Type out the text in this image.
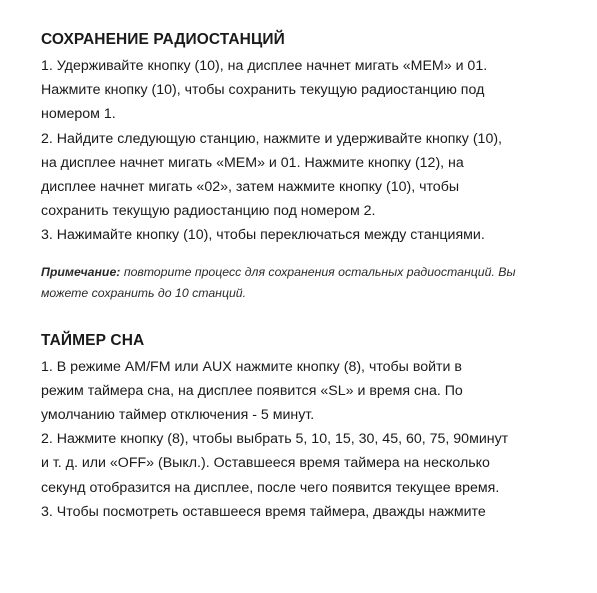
СОХРАНЕНИЕ РАДИОСТАНЦИЙ

1. Удерживайте кнопку (10), на дисплее начнет мигать «MEM» и 01.
Нажмите кнопку (10), чтобы сохранить текущую радиостанцию под
номером 1.
2. Найдите следующую станцию, нажмите и удерживайте кнопку (10),
на дисплее начнет мигать «MEM» и 01. Нажмите кнопку (12), на
дисплее начнет мигать «02», затем нажмите кнопку (10), чтобы
сохранить текущую радиостанцию под номером 2.
3. Нажимайте кнопку (10), чтобы переключаться между станциями.

Примечание: повторите процесс для сохранения остальных радиостанций. Вы
можете сохранить до 10 станций.

ТАЙМЕР СНА

1. В режиме AM/FM или AUX нажмите кнопку (8), чтобы войти в
режим таймера сна, на дисплее появится «SL» и время сна. По
умолчанию таймер отключения - 5 минут.
2. Нажмите кнопку (8), чтобы выбрать 5, 10, 15, 30, 45, 60, 75, 90минут
и т. д. или «OFF» (Выкл.). Оставшееся время таймера на несколько
секунд отобразится на дисплее, после чего появится текущее время.
3. Чтобы посмотреть оставшееся время таймера, дважды нажмите
